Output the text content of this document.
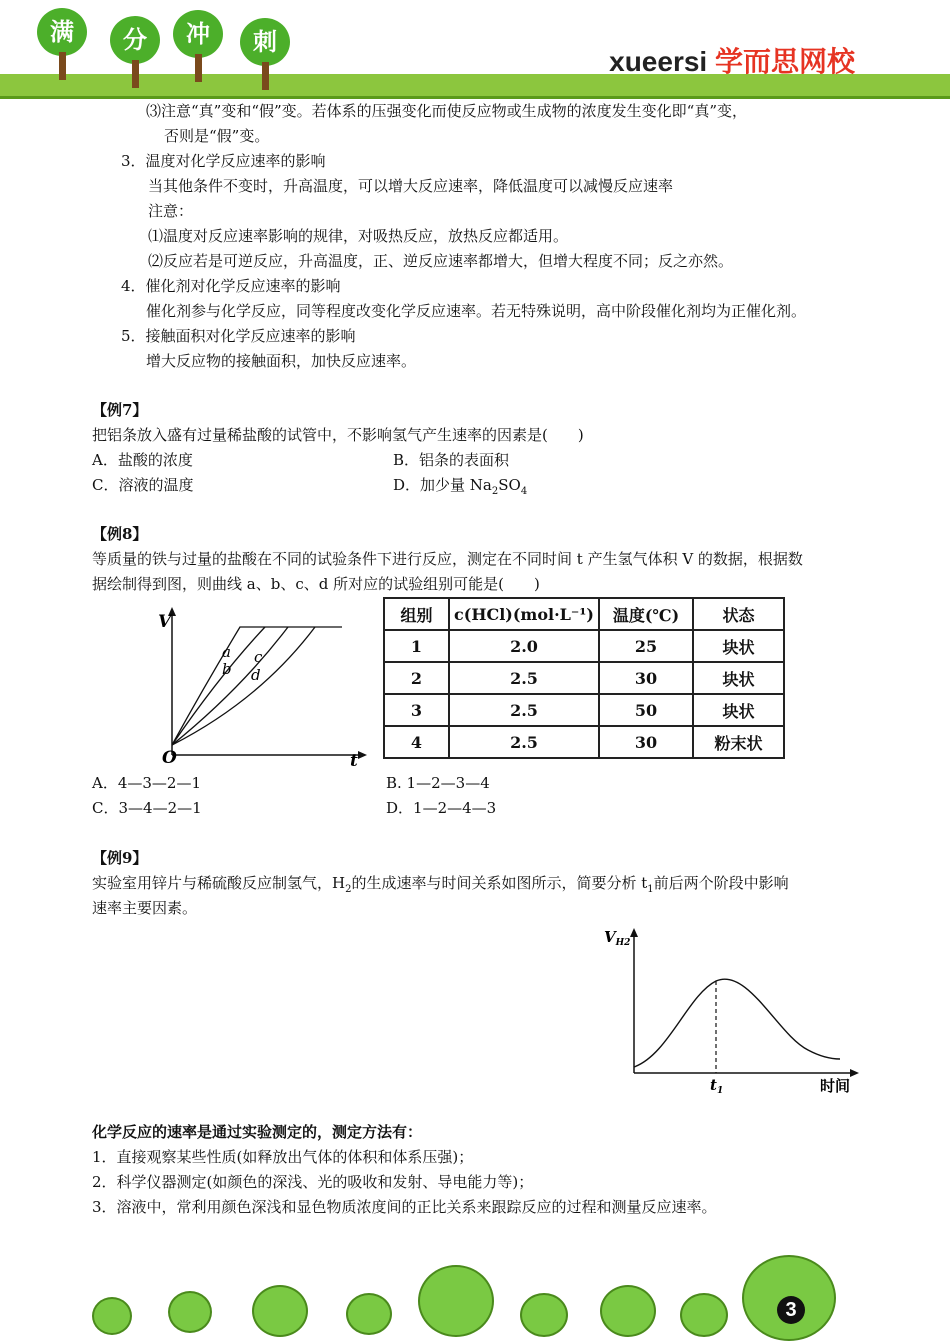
满	分	冲	刺
xueersi 学而思网校
⑶注意“真”变和“假”变。若体系的压强变化而使反应物或生成物的浓度发生变化即“真”变，
否则是“假”变。
3．温度对化学反应速率的影响
当其他条件不变时，升高温度，可以增大反应速率，降低温度可以减慢反应速率
注意：
⑴温度对反应速率影响的规律，对吸热反应，放热反应都适用。
⑵反应若是可逆反应，升高温度，正、逆反应速率都增大，但增大程度不同；反之亦然。
4．催化剂对化学反应速率的影响
催化剂参与化学反应，同等程度改变化学反应速率。若无特殊说明，高中阶段催化剂均为正催化剂。
5．接触面积对化学反应速率的影响
增大反应物的接触面积，加快反应速率。
【例7】
把铝条放入盛有过量稀盐酸的试管中，不影响氢气产生速率的因素是(　　)
A．盐酸的浓度	B．铝条的表面积
C．溶液的温度	D．加少量 $Na_2SO_4$
【例8】
等质量的铁与过量的盐酸在不同的试验条件下进行反应，测定在不同时间 t 产生氢气体积 V 的数据，根据数
据绘制得到图，则曲线 a、b、c、d 所对应的试验组别可能是(　　)
V
t
O
a
b
c
d
组别	c(HCl)(mol·L⁻¹)	温度(℃)	状态
1	2.0	25	块状
2	2.5	30	块状
3	2.5	50	块状
4	2.5	30	粉末状
A．4—3—2—1	B. 1—2—3—4
C．3—4—2—1	D．1—2—4—3
【例9】
实验室用锌片与稀硫酸反应制氢气，$H_2$的生成速率与时间关系如图所示，简要分析 $t_1$前后两个阶段中影响
速率主要因素。
$V_{H2}$
$t_1$	时间
化学反应的速率是通过实验测定的，测定方法有：
1．直接观察某些性质(如释放出气体的体积和体系压强)；
2．科学仪器测定(如颜色的深浅、光的吸收和发射、导电能力等)；
3．溶液中，常利用颜色深浅和显色物质浓度间的正比关系来跟踪反应的过程和测量反应速率。
3
